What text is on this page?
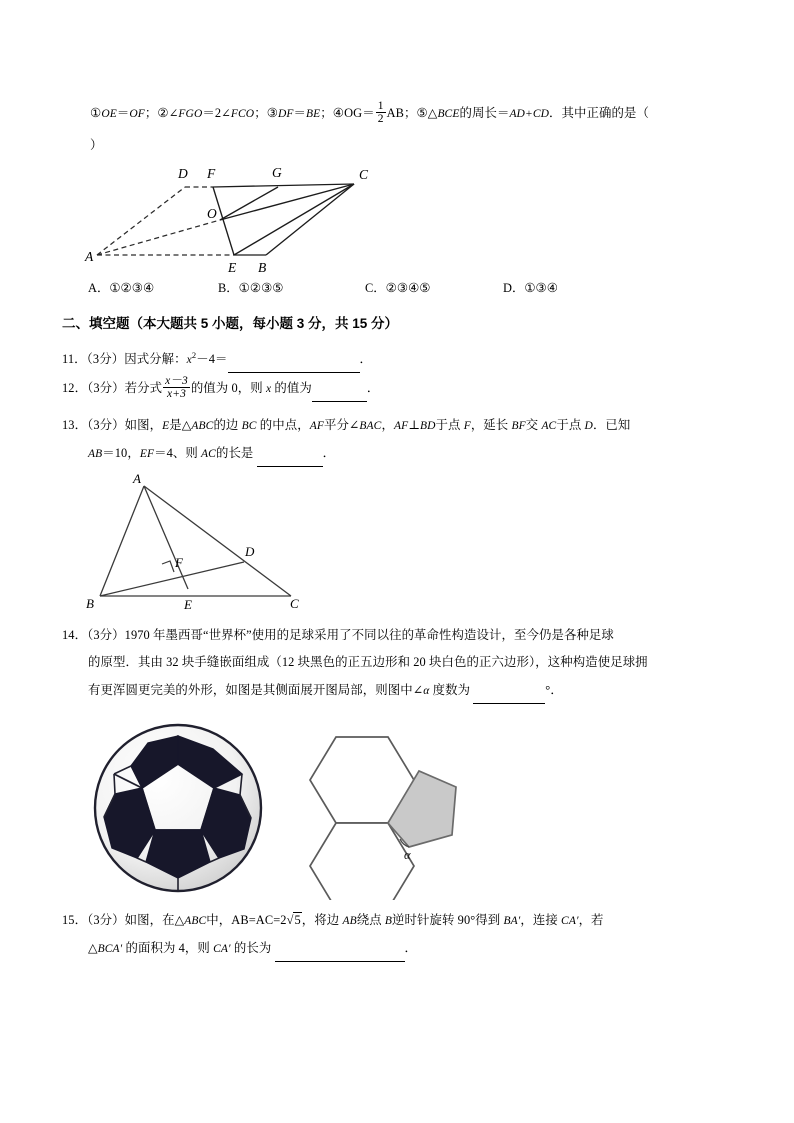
①OE＝OF；②∠FGO＝2∠FCO；③DF＝BE；④OG＝ $\frac{1}{2}$ AB；⑤△BCE的周长＝AD+CD．其中正确的是（
）
A
D F	G	C
O
E B
A．①②③④	B．①②③⑤	C．②③④⑤	D．①③④
二、填空题（本大题共 5 小题，每小题 3 分，共 15 分）
11．（3分）因式分解：$x^2-4=$	．
12．（3分）若分式 $\frac{x-3}{x+3}$ 的值为 0，则 x 的值为	．
13．（3分）如图，E是△ABC的边 BC 的中点，AF平分∠BAC，AF⊥BD于点 F，延长 BF交 AC于点 D．已知
AB＝10，EF＝4、则 AC的长是	．
A
B	C
D
E
F
14．（3分）1970 年墨西哥“世界杯”使用的足球采用了不同以往的革命性构造设计，至今仍是各种足球
的原型．其由 32 块手缝嵌面组成（12 块黑色的正五边形和 20 块白色的正六边形），这种构造使足球拥
有更浑圆更完美的外形，如图是其侧面展开图局部，则图中∠α 度数为	°．
α
15．（3分）如图，在△ABC中，AB=AC=2√5，将边 AB绕点 B逆时针旋转 90°得到 BA′，连接 CA′，若
△BCA′ 的面积为 4，则 CA′ 的长为	．
